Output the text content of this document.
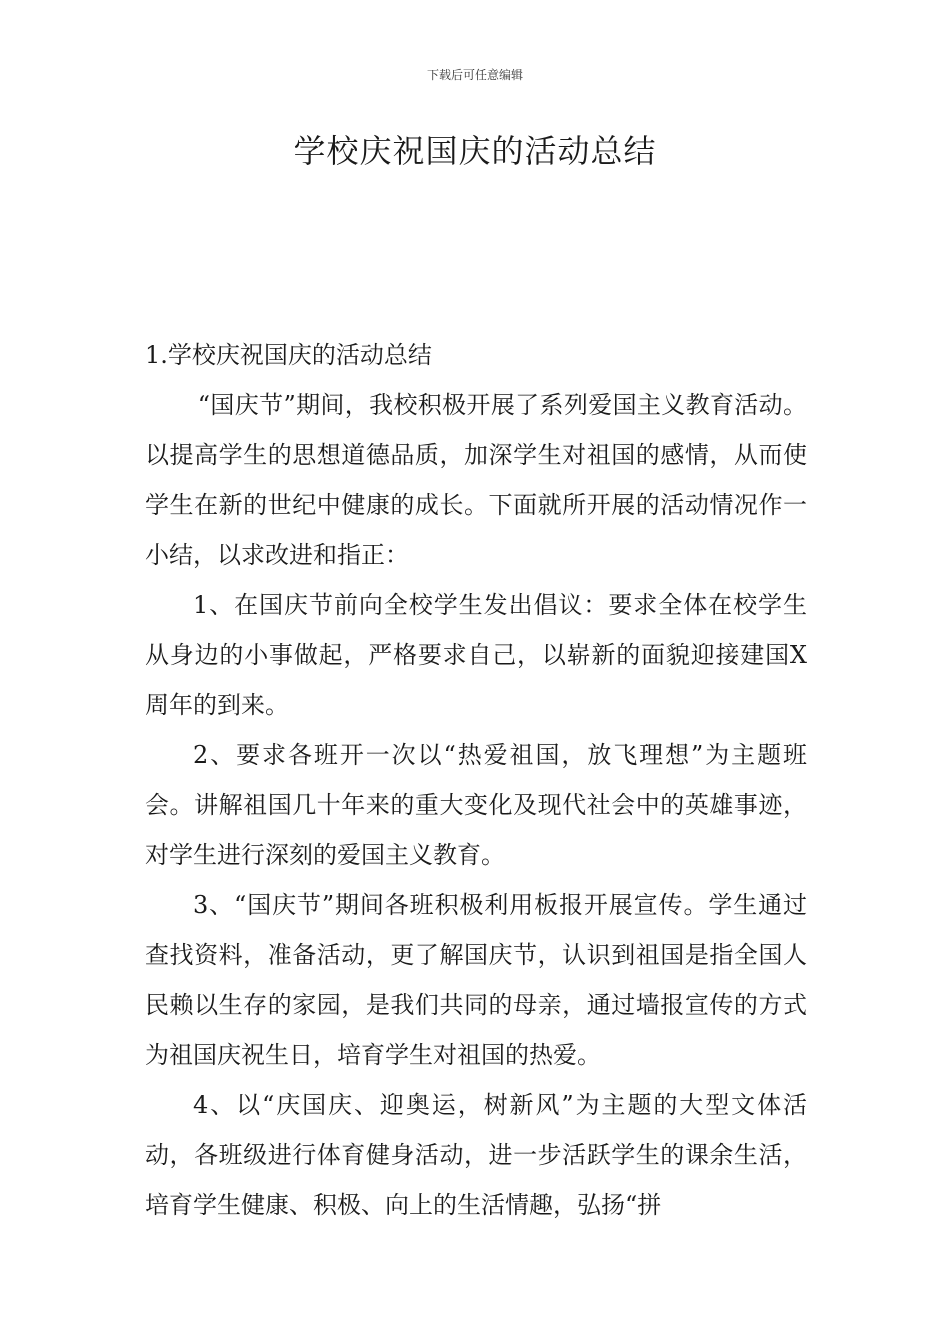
下载后可任意编辑
学校庆祝国庆的活动总结

1.学校庆祝国庆的活动总结

“国庆节”期间，我校积极开展了系列爱国主义教育活动。以提高学生的思想道德品质，加深学生对祖国的感情，从而使学生在新的世纪中健康的成长。下面就所开展的活动情况作一小结，以求改进和指正：

1、在国庆节前向全校学生发出倡议：要求全体在校学生从身边的小事做起，严格要求自己，以崭新的面貌迎接建国X周年的到来。

2、要求各班开一次以“热爱祖国，放飞理想”为主题班会。讲解祖国几十年来的重大变化及现代社会中的英雄事迹，对学生进行深刻的爱国主义教育。

3、“国庆节”期间各班积极利用板报开展宣传。学生通过查找资料，准备活动，更了解国庆节，认识到祖国是指全国人民赖以生存的家园，是我们共同的母亲，通过墙报宣传的方式为祖国庆祝生日，培育学生对祖国的热爱。

4、以“庆国庆、迎奥运，树新风”为主题的大型文体活动，各班级进行体育健身活动，进一步活跃学生的课余生活，培育学生健康、积极、向上的生活情趣，弘扬“拼
